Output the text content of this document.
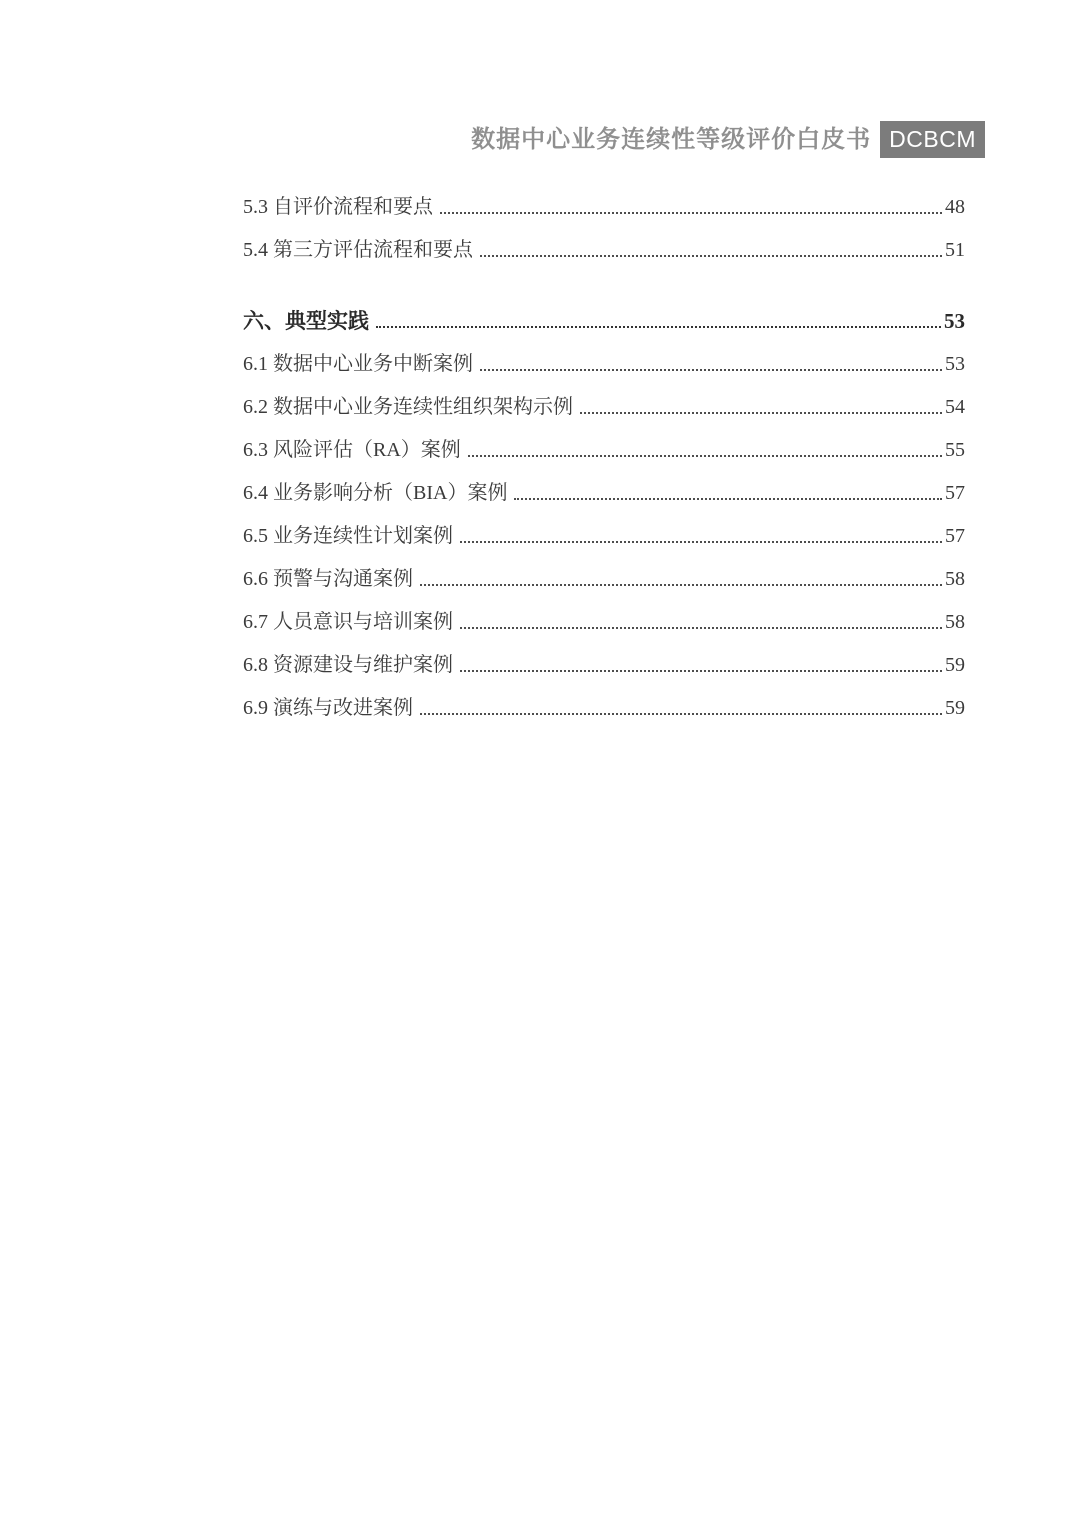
数据中心业务连续性等级评价白皮书 DCBCM
5.3 自评价流程和要点	48
5.4 第三方评估流程和要点	51
六、典型实践	53
6.1 数据中心业务中断案例	53
6.2 数据中心业务连续性组织架构示例	54
6.3 风险评估（RA）案例	55
6.4 业务影响分析（BIA）案例	57
6.5 业务连续性计划案例	57
6.6 预警与沟通案例	58
6.7 人员意识与培训案例	58
6.8 资源建设与维护案例	59
6.9 演练与改进案例	59
